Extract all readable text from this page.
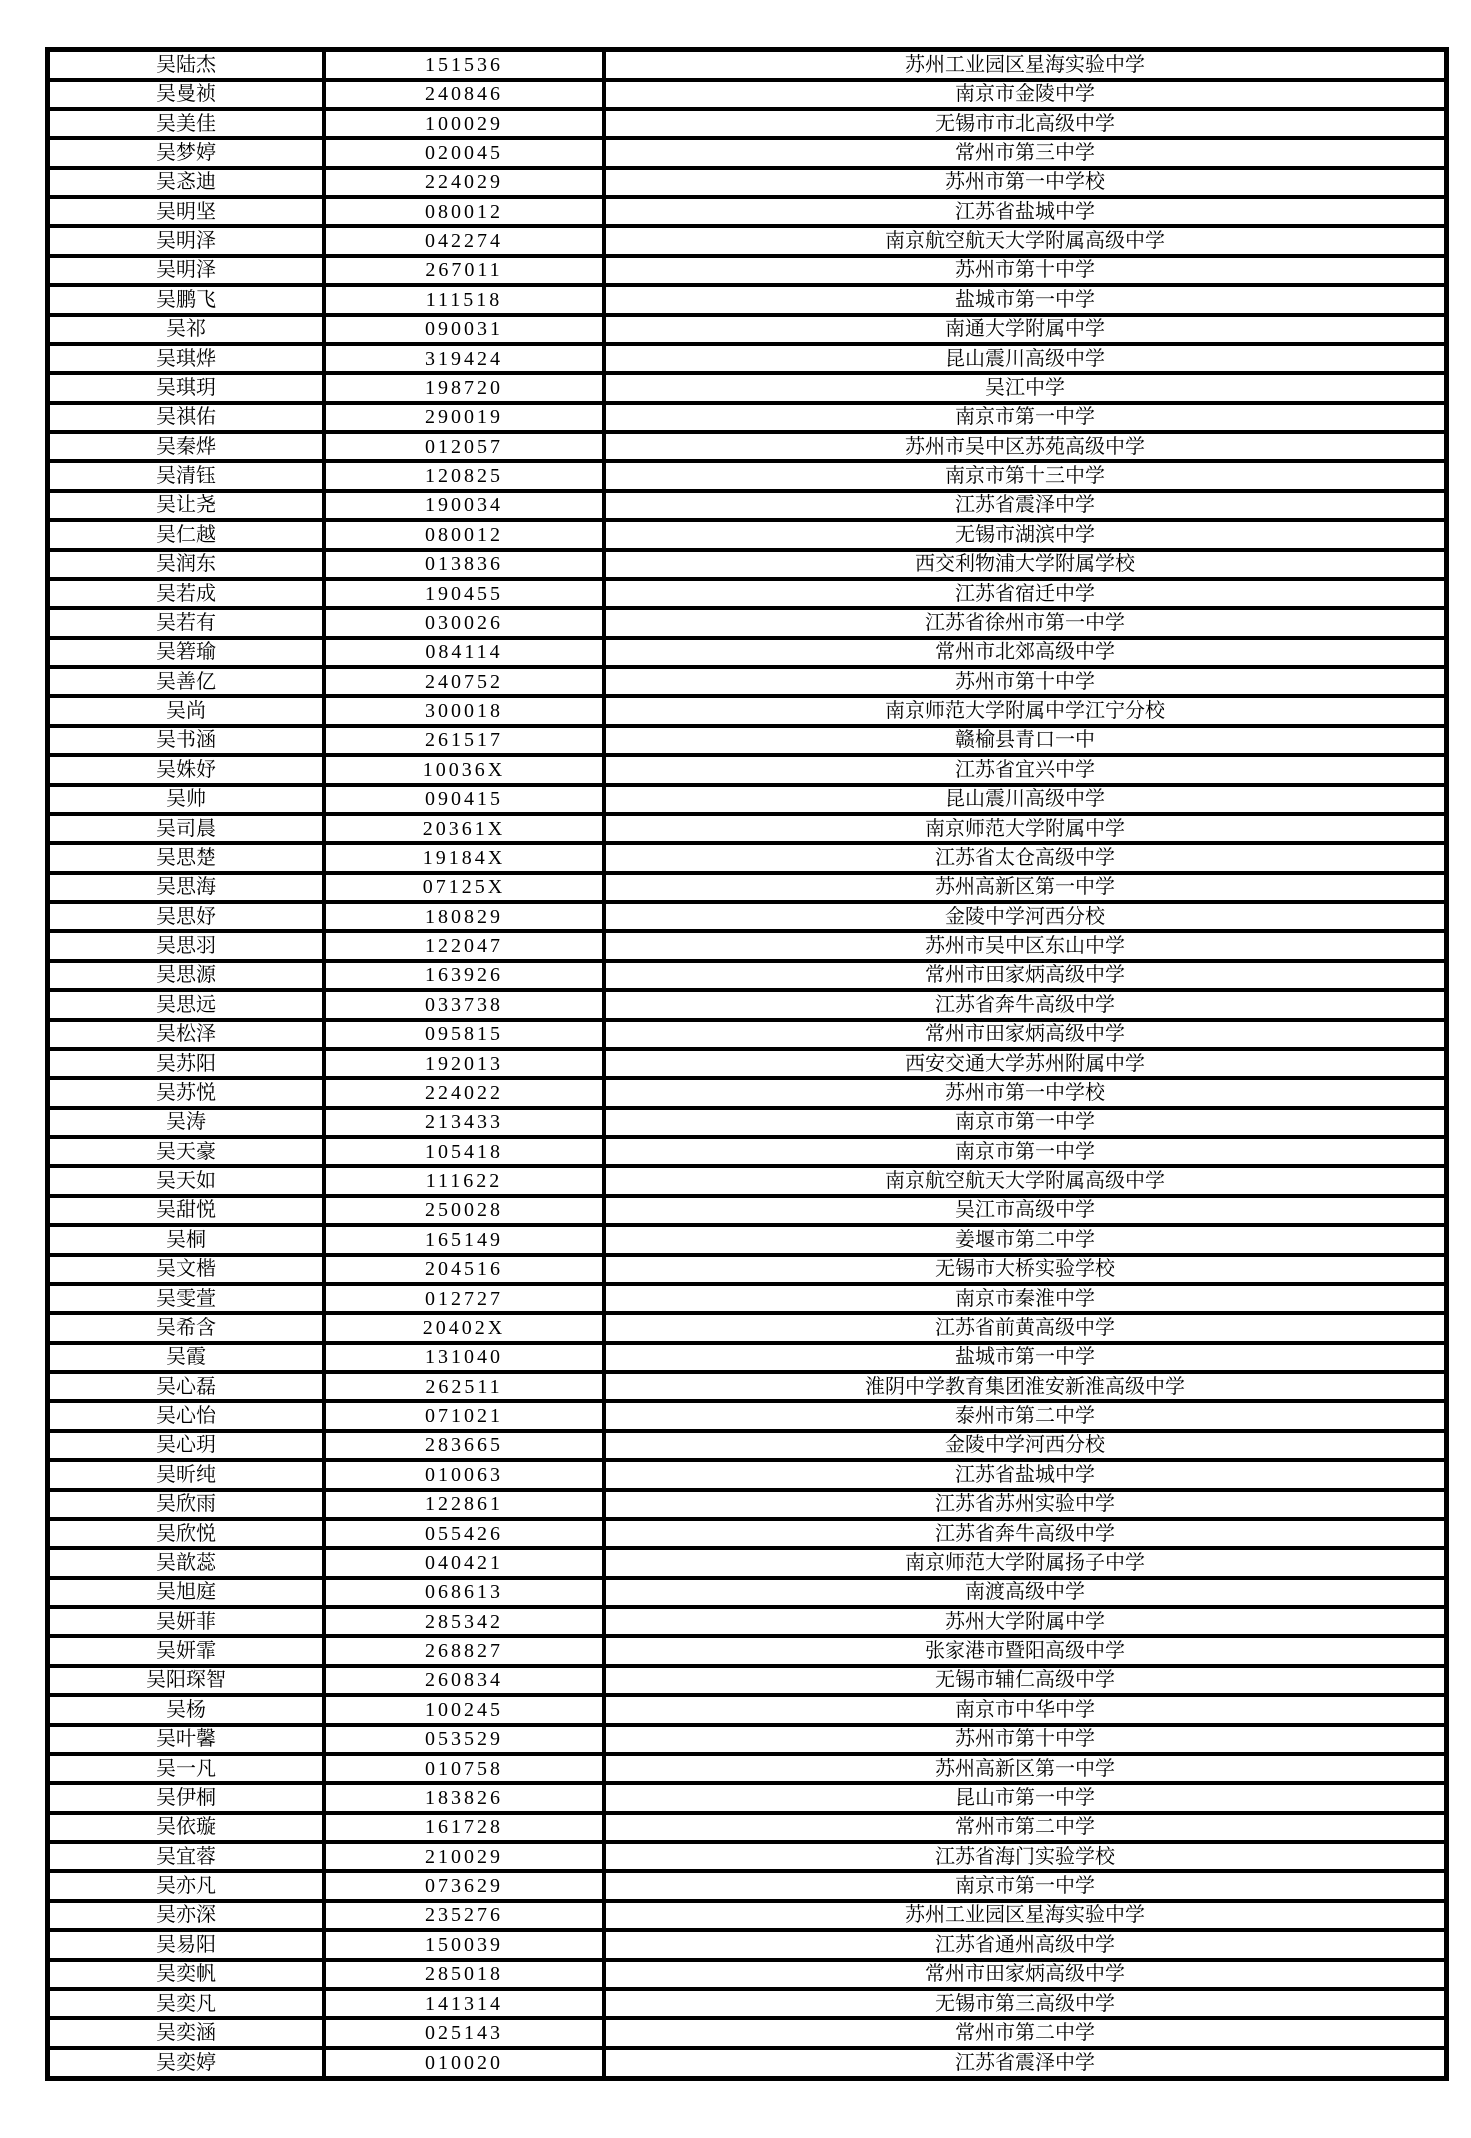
吴陆杰	151536	苏州工业园区星海实验中学
吴曼祯	240846	南京市金陵中学
吴美佳	100029	无锡市市北高级中学
吴梦婷	020045	常州市第三中学
吴忞迪	224029	苏州市第一中学校
吴明坚	080012	江苏省盐城中学
吴明泽	042274	南京航空航天大学附属高级中学
吴明泽	267011	苏州市第十中学
吴鹏飞	111518	盐城市第一中学
吴祁	090031	南通大学附属中学
吴琪烨	319424	昆山震川高级中学
吴琪玥	198720	吴江中学
吴祺佑	290019	南京市第一中学
吴秦烨	012057	苏州市吴中区苏苑高级中学
吴清钰	120825	南京市第十三中学
吴让尧	190034	江苏省震泽中学
吴仁越	080012	无锡市湖滨中学
吴润东	013836	西交利物浦大学附属学校
吴若成	190455	江苏省宿迁中学
吴若有	030026	江苏省徐州市第一中学
吴箬瑜	084114	常州市北郊高级中学
吴善亿	240752	苏州市第十中学
吴尚	300018	南京师范大学附属中学江宁分校
吴书涵	261517	赣榆县青口一中
吴姝妤	10036X	江苏省宜兴中学
吴帅	090415	昆山震川高级中学
吴司晨	20361X	南京师范大学附属中学
吴思楚	19184X	江苏省太仓高级中学
吴思海	07125X	苏州高新区第一中学
吴思妤	180829	金陵中学河西分校
吴思羽	122047	苏州市吴中区东山中学
吴思源	163926	常州市田家炳高级中学
吴思远	033738	江苏省奔牛高级中学
吴松泽	095815	常州市田家炳高级中学
吴苏阳	192013	西安交通大学苏州附属中学
吴苏悦	224022	苏州市第一中学校
吴涛	213433	南京市第一中学
吴天豪	105418	南京市第一中学
吴天如	111622	南京航空航天大学附属高级中学
吴甜悦	250028	吴江市高级中学
吴桐	165149	姜堰市第二中学
吴文楷	204516	无锡市大桥实验学校
吴雯萱	012727	南京市秦淮中学
吴希含	20402X	江苏省前黄高级中学
吴霞	131040	盐城市第一中学
吴心磊	262511	淮阴中学教育集团淮安新淮高级中学
吴心怡	071021	泰州市第二中学
吴心玥	283665	金陵中学河西分校
吴昕纯	010063	江苏省盐城中学
吴欣雨	122861	江苏省苏州实验中学
吴欣悦	055426	江苏省奔牛高级中学
吴歆蕊	040421	南京师范大学附属扬子中学
吴旭庭	068613	南渡高级中学
吴妍菲	285342	苏州大学附属中学
吴妍霏	268827	张家港市暨阳高级中学
吴阳琛智	260834	无锡市辅仁高级中学
吴杨	100245	南京市中华中学
吴叶馨	053529	苏州市第十中学
吴一凡	010758	苏州高新区第一中学
吴伊桐	183826	昆山市第一中学
吴依璇	161728	常州市第二中学
吴宜蓉	210029	江苏省海门实验学校
吴亦凡	073629	南京市第一中学
吴亦深	235276	苏州工业园区星海实验中学
吴易阳	150039	江苏省通州高级中学
吴奕帆	285018	常州市田家炳高级中学
吴奕凡	141314	无锡市第三高级中学
吴奕涵	025143	常州市第二中学
吴奕婷	010020	江苏省震泽中学
